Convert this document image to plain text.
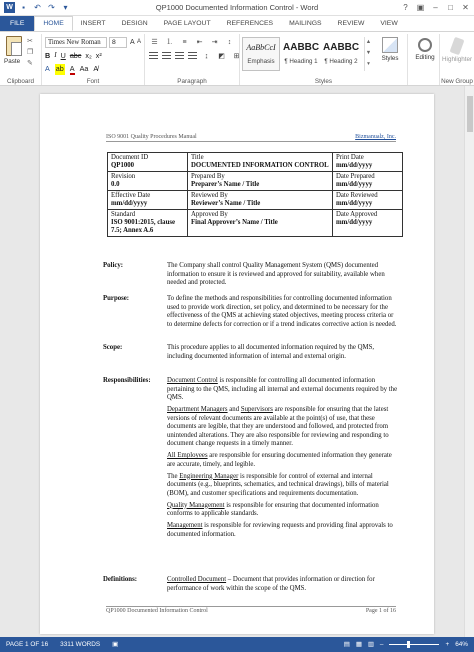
W	▪	↶ ↷	▾	QP1000 Documented Information Control - Word	?	▣	–	□	✕
FILE	HOME	INSERT	DESIGN	PAGE LAYOUT	REFERENCES	MAILINGS	REVIEW	VIEW
Paste
✂
❐
✎
Clipboard
Times New Roman	8	A A
B I U abc x₂ x²
A ab A Aa A̸
Font
☰	⒈	≡	⇤	⇥	↕
↨	◩	⊞
Paragraph
AaBbCcI
Emphasis
AABBC
¶ Heading 1
AABBC
¶ Heading 2
▲
▼
▾
Styles
Styles
Editing	Highlighter
New Group
ISO 9001 Quality Procedures Manual	Bizmanualz, Inc.
Document ID
QP1000	Title
DOCUMENTED INFORMATION CONTROL	Print Date
mm/dd/yyyy

Revision
0.0	Prepared By
Preparer’s Name / Title	Date Prepared
mm/dd/yyyy

Effective Date
mm/dd/yyyy	Reviewed By
Reviewer’s Name / Title	Date Reviewed
mm/dd/yyyy

Standard
ISO 9001:2015, clause 7.5; Annex A.6	Approved By
Final Approver’s Name / Title	Date Approved
mm/dd/yyyy
Policy:	The Company shall control Quality Management System (QMS) documented information to ensure it is reviewed and approved for suitability, available when needed and protected.
Purpose:	To define the methods and responsibilities for controlling documented information used to provide work direction, set policy, and determined to be necessary for the effectiveness of the QMS at achieving stated objectives, meeting process criteria or to determine defects for correction or if a trend indicates corrective action is needed.
Scope:	This procedure applies to all documented information required by the QMS, including documented information of internal and external origin.
Responsibilities: Document Control is responsible for controlling all documented information pertaining to the QMS, including all internal and external documents required by the QMS.

Department Managers and Supervisors are responsible for ensuring that the latest versions of relevant documents are available at the point(s) of use, that these documents are legible, that they are understood and followed, and protected from unintended alterations. They are also responsible for reviewing and responding to document change requests in a timely manner.

All Employees are responsible for ensuring documented information they generate are accurate, timely, and legible.

The Engineering Manager is responsible for control of external and internal documents (e.g., blueprints, schematics, and technical drawings), bills of material (BOM), and customer specifications and requirements documentation.

Quality Management is responsible for ensuring that documented information conforms to applicable standards.

Management is responsible for reviewing requests and providing final approvals to documented information.

Definitions:	Controlled Document – Document that provides information or direction for performance of work within the scope of the QMS.
QP1000 Documented Information Control	Page 1 of 16
PAGE 1 OF 16 3311 WORDS ▣	▤ ▦ ▥ –	+ 64%
